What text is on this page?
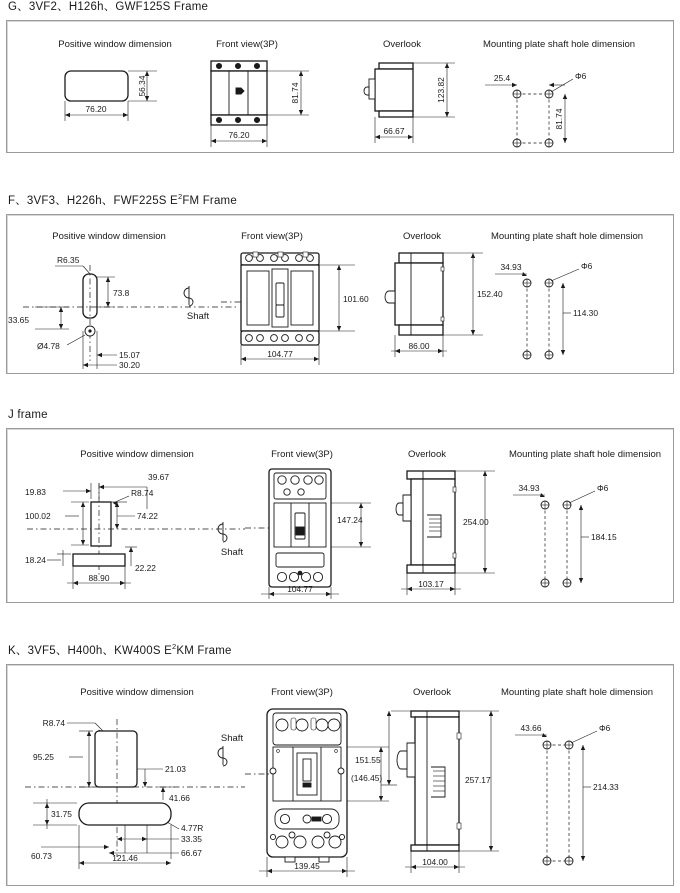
G、3VF2、H126h、GWF125S Frame
Positive window dimension	Front view(3P)	Overlook	Mounting plate shaft hole dimension
56.34
76.20
81.74
76.20
123.82
66.67
25.4	Φ6
81.74
F、3VF3、H226h、FWF225S $E^2FM$ Frame
Positive window dimension	Front view(3P)	Overlook	Mounting plate shaft hole dimension
R6.35
73.8
33.65
Ø4.78
15.07
30.20
Shaft
101.60
104.77
152.40
86.00
34.93	Φ6
114.30
J frame
Positive window dimension	Front view(3P)	Overlook	Mounting plate shaft hole dimension
39.67
19.83	R8.74
100.02	74.22
18.24
22.22
88.90
Shaft
147.24
104.77
254.00
103.17
34.93	Φ6
184.15
K、3VF5、H400h、KW400S $E^2KM$ Frame
Positive window dimension	Front view(3P)	Overlook	Mounting plate shaft hole dimension
R8.74
95.25
21.03
31.75
41.66
4.77R
33.35
66.67
60.73	121.46
Shaft
151.55
(146.45)
139.45
257.17
104.00
43.66	Φ6
214.33
